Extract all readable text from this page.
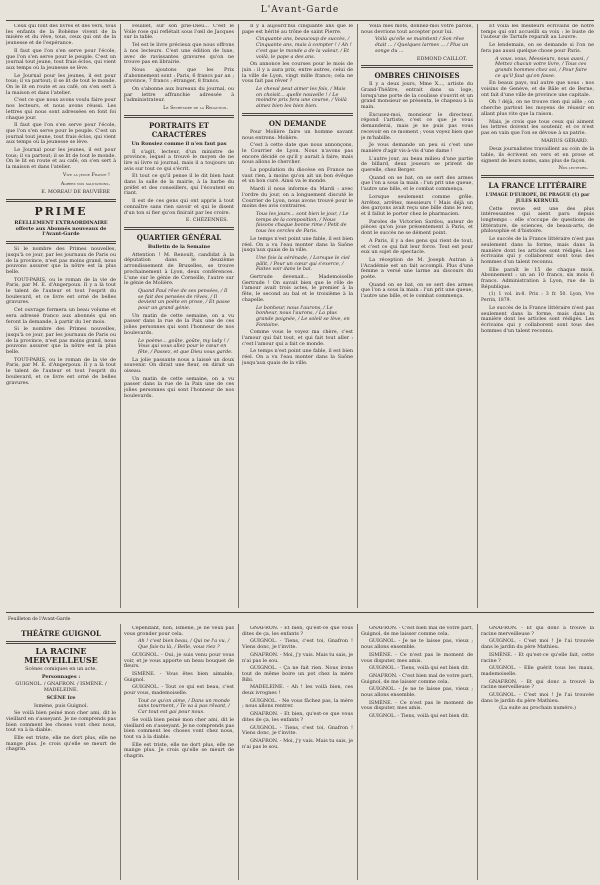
L'Avant-Garde

Ceux qui font des livres et des vers, tous les enfants de la Bohème vivent de la misère et du rêve, tous, ceux qui ont de la jeunesse et de l'espérance.

Il faut que l'on s'en serve pour l'école, que l'on s'en serve pour le peuple. C'est un journal tout jeune, tout frais éclos, qui vient aux temps où la jeunesse se lève.

Le Journal pour les jeunes, il est pour tous; il va partout; il se lit de tout le monde. On le lit en route et au café, on s'en sert à la maison et dans l'atelier.

C'est ce que nous avons voulu faire pour nos lecteurs, et nous avons réussi. Les lettres qui nous sont adressées en font foi chaque jour.

Il faut que l'on s'en serve pour l'école, que l'on s'en serve pour le peuple. C'est un journal tout jeune, tout frais éclos, qui vient aux temps où la jeunesse se lève.

Le Journal pour les jeunes, il est pour tous; il va partout; il se lit de tout le monde. On le lit en route et au café, on s'en sert à la maison et dans l'atelier.

Vive la jeune France !

Agréez nos salutations.

E. MOREAU DE BAUVIÈRE

PRIME
RÉELLEMENT EXTRAORDINAIRE offerte aux Abonnés nouveaux de l'Avant-Garde

Si le nombre des Primes nouvelles, jusqu'à ce jour, par les journaux de Paris ou de la province, n'est pas moins grand, nous pouvons assurer que la nôtre est la plus belle.

TOUT-PARIS, ou le roman de la vie de Paris, par M. E. d'Angerpoux. Il y a là tout le talent de l'auteur et tout l'esprit du boulevard, et ce livre est orné de belles gravures.

Cet ouvrage formera un beau volume et sera adressé franco aux abonnés qui en feront la demande, à partir du 1er mois.

Si le nombre des Primes nouvelles, jusqu'à ce jour, par les journaux de Paris ou de la province, n'est pas moins grand, nous pouvons assurer que la nôtre est la plus belle.

TOUT-PARIS, ou le roman de la vie de Paris, par M. E. d'Angerpoux. Il y a là tout le talent de l'auteur et tout l'esprit du boulevard, et ce livre est orné de belles gravures.

Feuillet, sur son prie-Dieu... C'est le Voile rose qui reflétait sous l'œil de Jacques sur la table.

Tel est le livre précieux que nous offrons à nos lecteurs. C'est une édition de luxe, avec de ravissantes gravures qu'on ne trouve pas en librairie.

Nous ajoutons que les Prix d'abonnement sont : Paris, 6 francs par an ; province, 7 francs ; étranger, 8 francs.

On s'abonne aux bureaux du journal, ou par lettre affranchie adressée à l'administrateur.

Le Secrétaire de la Rédaction.

PORTRAITS ET CARACTÈRES
Un Ronsiez comme il n'en faut pas

Il s'agit, lecteur, d'un ministre de province, lequel a trouvé le moyen de ne lire ni livre ni journal, mais il a toujours un avis sur tout ce qui s'écrit.

Et tout ce qu'il pense il le dit bien haut dans la salle de la mairie, à la barbe du préfet et des conseillers, qui l'écoutent en riant.

Il est de ces gens qui ont appris à tout connaître sans rien savoir et qui le disent d'un ton si fier qu'on finirait par les croire.

E. CHÉZENNES.

QUARTIER GÉNÉRAL
Bulletin de la Semaine

Attention ! M. Renoult, candidat à la députation dans le deuxième arrondissement de Bruxelles, se trouve prochainement à Lyon, deux conférences. L'une sur le génie de Corneille, l'autre sur le génie de Molière.

Quand Paul rêve de ses pensées, / Il se fait des pensées de rêves, / Il devient un poète en prose, / Et passe pour un grand génie.

Un matin de cette semaine, on a vu passer dans la rue de la Paix une de ces jolies personnes qui sont l'honneur de nos boulevards.

Le poème... goûte, goûte, my lady ! / Vous qui vous allez pour le cœur en fête, / Passez, et que Dieu vous garde.

La jolie passante nous a laissé un doux souvenir. On dirait une fleur, on dirait un oiseau.

Un matin de cette semaine, on a vu passer dans la rue de la Paix une de ces jolies personnes qui sont l'honneur de nos boulevards.

Il y a aujourd'hui cinquante ans que le pape est hérité au trône de saint Pierre.

Cinquante ans, beaucoup de succès, / Cinquante ans, mais à compter ! / Ah ! c'est que le monde a de la valeur, / Et voilà, le pape a des ans.

On annonce les courses pour le mois de juin : il y a aura prix, entre autres, celui de la ville de Lyon, vingt mille francs; cela ne vous fait pas rêver ?

Le cheval peut aimer les fois, / Mais on choisit... quelle nouvelle ! / Le moindre prix fera une course, / Voilà aimez bien les bien bien.

ON DEMANDE

Pour Molière faire un homme savant nous entrons: Molière.

C'est à cette date que nous annonçons, le Courrier de Lyon. Nous n'avons pas encore décidé ce qu'il y aurait à faire, mais nous allons le chercher.

La population du diocèse en France ne vaut rien, à moins qu'on ait un bon évêque et un bon curé. Ainsi va le monde.

Mardi il nous informe du Mardi : avec l'ordre du jour, on a longuement discuté le Courrier de Lyon, nous avons trouvé pour le moins des avis contraires.

Tous les jours... sont bien le jour, / Le temps de la composition, / Nous faisons chaque bonne rime / Petit de tous les cercles de Paris.

Le temps n'est point une fable, il est bien réel. On a vu l'eau monter dans la Saône jusqu'aux quais de la ville.

Une fois la sérénade, / Lorsque le ciel pâlit, / Pour un cœur qui s'exerce, / Faites voir dans le bal.

Gertrude devenait... Mademoiselle Gertrude ! On savait bien que le rôle de l'amour avait trois actes, le premier à la fête, le second au bal et le troisième à la chapelle.

Le bonheur, nous l'aurons, / Le bonheur, nous l'aurons, / La plus grande poignée, / Le soleil se lève, en Fontaine.

Comme vous le voyez ma chère, c'est l'amour qui fait tout, et qui fait tout aller : c'est l'amour qui a fait ce monde.

Le temps n'est point une fable, il est bien réel. On a vu l'eau monter dans la Saône jusqu'aux quais de la ville.

Voilà mes mots, donnez-moi votre parole, nous devrions tout accepter pour lui.

Voilà qu'elle se maintient / Son rêve était ... / Quelques larmes ... / Plus un songe du ...

EDMOND CAILLOT.

OMBRES CHINOISES

Il y a deux jours, Mme X..., artiste du Grand-Théâtre, entrait dans sa loge, lorsqu'une porte de la coulisse s'ouvrit et un grand monsieur se présenta, le chapeau à la main.

Excusez-moi, monsieur le directeur, répond l'artiste, c'est ce que je vous demanderai, mais je ne puis pas vous recevoir en ce moment ; vous voyez bien que je m'habille.

Je vous demande un peu si c'est une manière d'agir vis-à-vis d'une dame !

L'autre jour, au beau milieu d'une partie de billard, deux joueurs se prirent de querelle, chez Berger.

Quand on se bat, on se sert des armes que l'on a sous la main : l'un prit une queue, l'autre une bille, et le combat commença.

Lorsque seulement comme grêle. Arrêtez, arrêtez, messieurs ! Mais déjà un des garçons avait reçu une bille dans le nez, et il fallut le porter chez le pharmacien.

Paroles de Victorien Sardou, auteur de pièces qu'on joue présentement à Paris, et dont le succès ne se dément point.

A Paris, il y a des gens qui rient de tout, et c'est ce qui fait leur force. Tout est pour eux un sujet de spectacle.

La réception de M. Joseph Autran à l'Académie est un fait accompli. Plus d'une femme a versé une larme au discours du poète.

Quand on se bat, on se sert des armes que l'on a sous la main : l'un prit une queue, l'autre une bille, et le combat commença.

Et voilà les meilleurs écrivains de notre temps qui ont accueilli sa voix : le buste de l'auteur de Tartufe reparaît au Louvre.

Le lendemain, on se demande si l'on ne fera pas aussi quelque chose pour Paris.

A vous, vous, Messieurs, nous aussi, / Mettez chacun votre livre, / Tous ces grands hommes chez soi, / Pour faire ce qu'il faut qu'on fasse.

En beaux pays, nul autre que nous : nos voisins de Genève, et de Bâle et de Berne, ont fait d'une ville de province une capitale.

Oh ! déjà, on ne trouve rien qui aille ; on cherche partout les moyens de réussir en allant plus vite que la raison.

Mais, je crois que tous ceux qui aiment les lettres doivent les soutenir, et ce n'est pas en vain que l'on se dévoue à sa patrie.

MARIUS GÉRARD.

Deux journalistes travaillent au coin de la table, ils écrivent en vers et en prose et signent de leurs noms, sans plus de façon.

Nos lecteurs.

LA FRANCE LITTÉRAIRE
L'IMAGE D'EUROPE, DE PRAGUE (1) par JULES KERNUEL

Cette revue est une des plus intéressantes qui aient paru depuis longtemps : elle s'occupe de questions de littérature, de sciences, de beaux-arts, de philosophie et d'histoire.

Le succès de la France littéraire n'est pas seulement dans la forme, mais dans la manière dont les articles sont rédigés. Les écrivains qui y collaborent sont tous des hommes d'un talent reconnu.

Elle paraît le 15 de chaque mois. Abonnement : un an 10 francs, six mois 6 francs. Administration à Lyon, rue de la République.

(1) 1 vol. in-8. Prix : 3 fr. 50. Lyon, Vve Perrin, 1879.

Le succès de la France littéraire n'est pas seulement dans la forme, mais dans la manière dont les articles sont rédigés. Les écrivains qui y collaborent sont tous des hommes d'un talent reconnu.

Feuilleton de l'Avant-Garde
THÉÂTRE GUIGNOL
LA RACINE MERVEILLEUSE

Scènes comiques en un acte.

Personnages :

GUIGNOL. / GNAFRON. / ISMÈNE. / MADELEINE.

SCÈNE Ire

Ismène, puis Guignol.

Se voilà bien peiné mon cher ami, dit le vieillard en s'asseyant. Je ne comprends pas bien comment les choses vont chez nous, tout va à la diable.

Elle est triste, elle ne dort plus, elle ne mange plus. Je crois qu'elle se meurt de chagrin.

Cependant, non, Ismène, je ne veux pas vous gronder pour cela.

Ah ! c'est bien beau, / Qui ne l'a vu, / Que fais-tu là, / Belle, vous riez ?

GUIGNOL. - Oui, je suis venu pour vous voir, et je vous apporte un beau bouquet de fleurs.

ISMÈNE. - Vous êtes bien aimable, Guignol.

GUIGNOL. - Tout ce qui est beau, c'est pour vous, mademoiselle.

Tout ce qu'on aime, / Dans un monde sans tourment, / Te va à pas rêvant, / Car tout est gai pour nous.

Se voilà bien peiné mon cher ami, dit le vieillard en s'asseyant. Je ne comprends pas bien comment les choses vont chez nous, tout va à la diable.

Elle est triste, elle ne dort plus, elle ne mange plus. Je crois qu'elle se meurt de chagrin.

GNAFRON. - Et bien, qu'est-ce que vous dites de ça, les enfants ?

GUIGNOL. - Tiens, c'est toi, Gnafron ! Viens donc, je t'invite.

GNAFRON. - Moi, j'y vais. Mais tu sais, je n'ai pas le sou.

GUIGNOL. - Ça ne fait rien. Nous irons tout de même boire un pot chez la mère Bibi.

MADELEINE. - Ah ! les voilà bien, ces deux ivrognes !

GUIGNOL. - Ne vous fâchez pas, la mère ; nous allons rentrer.

GNAFRON. - Et bien, qu'est-ce que vous dites de ça, les enfants ?

GUIGNOL. - Tiens, c'est toi, Gnafron ! Viens donc, je t'invite.

GNAFRON. - Moi, j'y vais. Mais tu sais, je n'ai pas le sou.

GNAFRON. - C'est bien mal de votre part, Guignol, de me laisser comme cela.

GUIGNOL. - Je ne te laisse pas, vieux ; nous allons ensemble.

ISMÈNE. - Ce n'est pas le moment de vous disputer, mes amis.

GUIGNOL. - Tiens, voilà qui est bien dit.

GNAFRON. - C'est bien mal de votre part, Guignol, de me laisser comme cela.

GUIGNOL. - Je ne te laisse pas, vieux ; nous allons ensemble.

ISMÈNE. - Ce n'est pas le moment de vous disputer, mes amis.

GUIGNOL. - Tiens, voilà qui est bien dit.

GNAFRON. - Et qui donc a trouvé la racine merveilleuse ?

GUIGNOL. - C'est moi ! Je l'ai trouvée dans le jardin du père Mathieu.

ISMÈNE. - Et qu'est-ce qu'elle fait, cette racine ?

GUIGNOL. - Elle guérit tous les maux, mademoiselle.

GNAFRON. - Et qui donc a trouvé la racine merveilleuse ?

GUIGNOL. - C'est moi ! Je l'ai trouvée dans le jardin du père Mathieu.

(La suite au prochain numéro.)
